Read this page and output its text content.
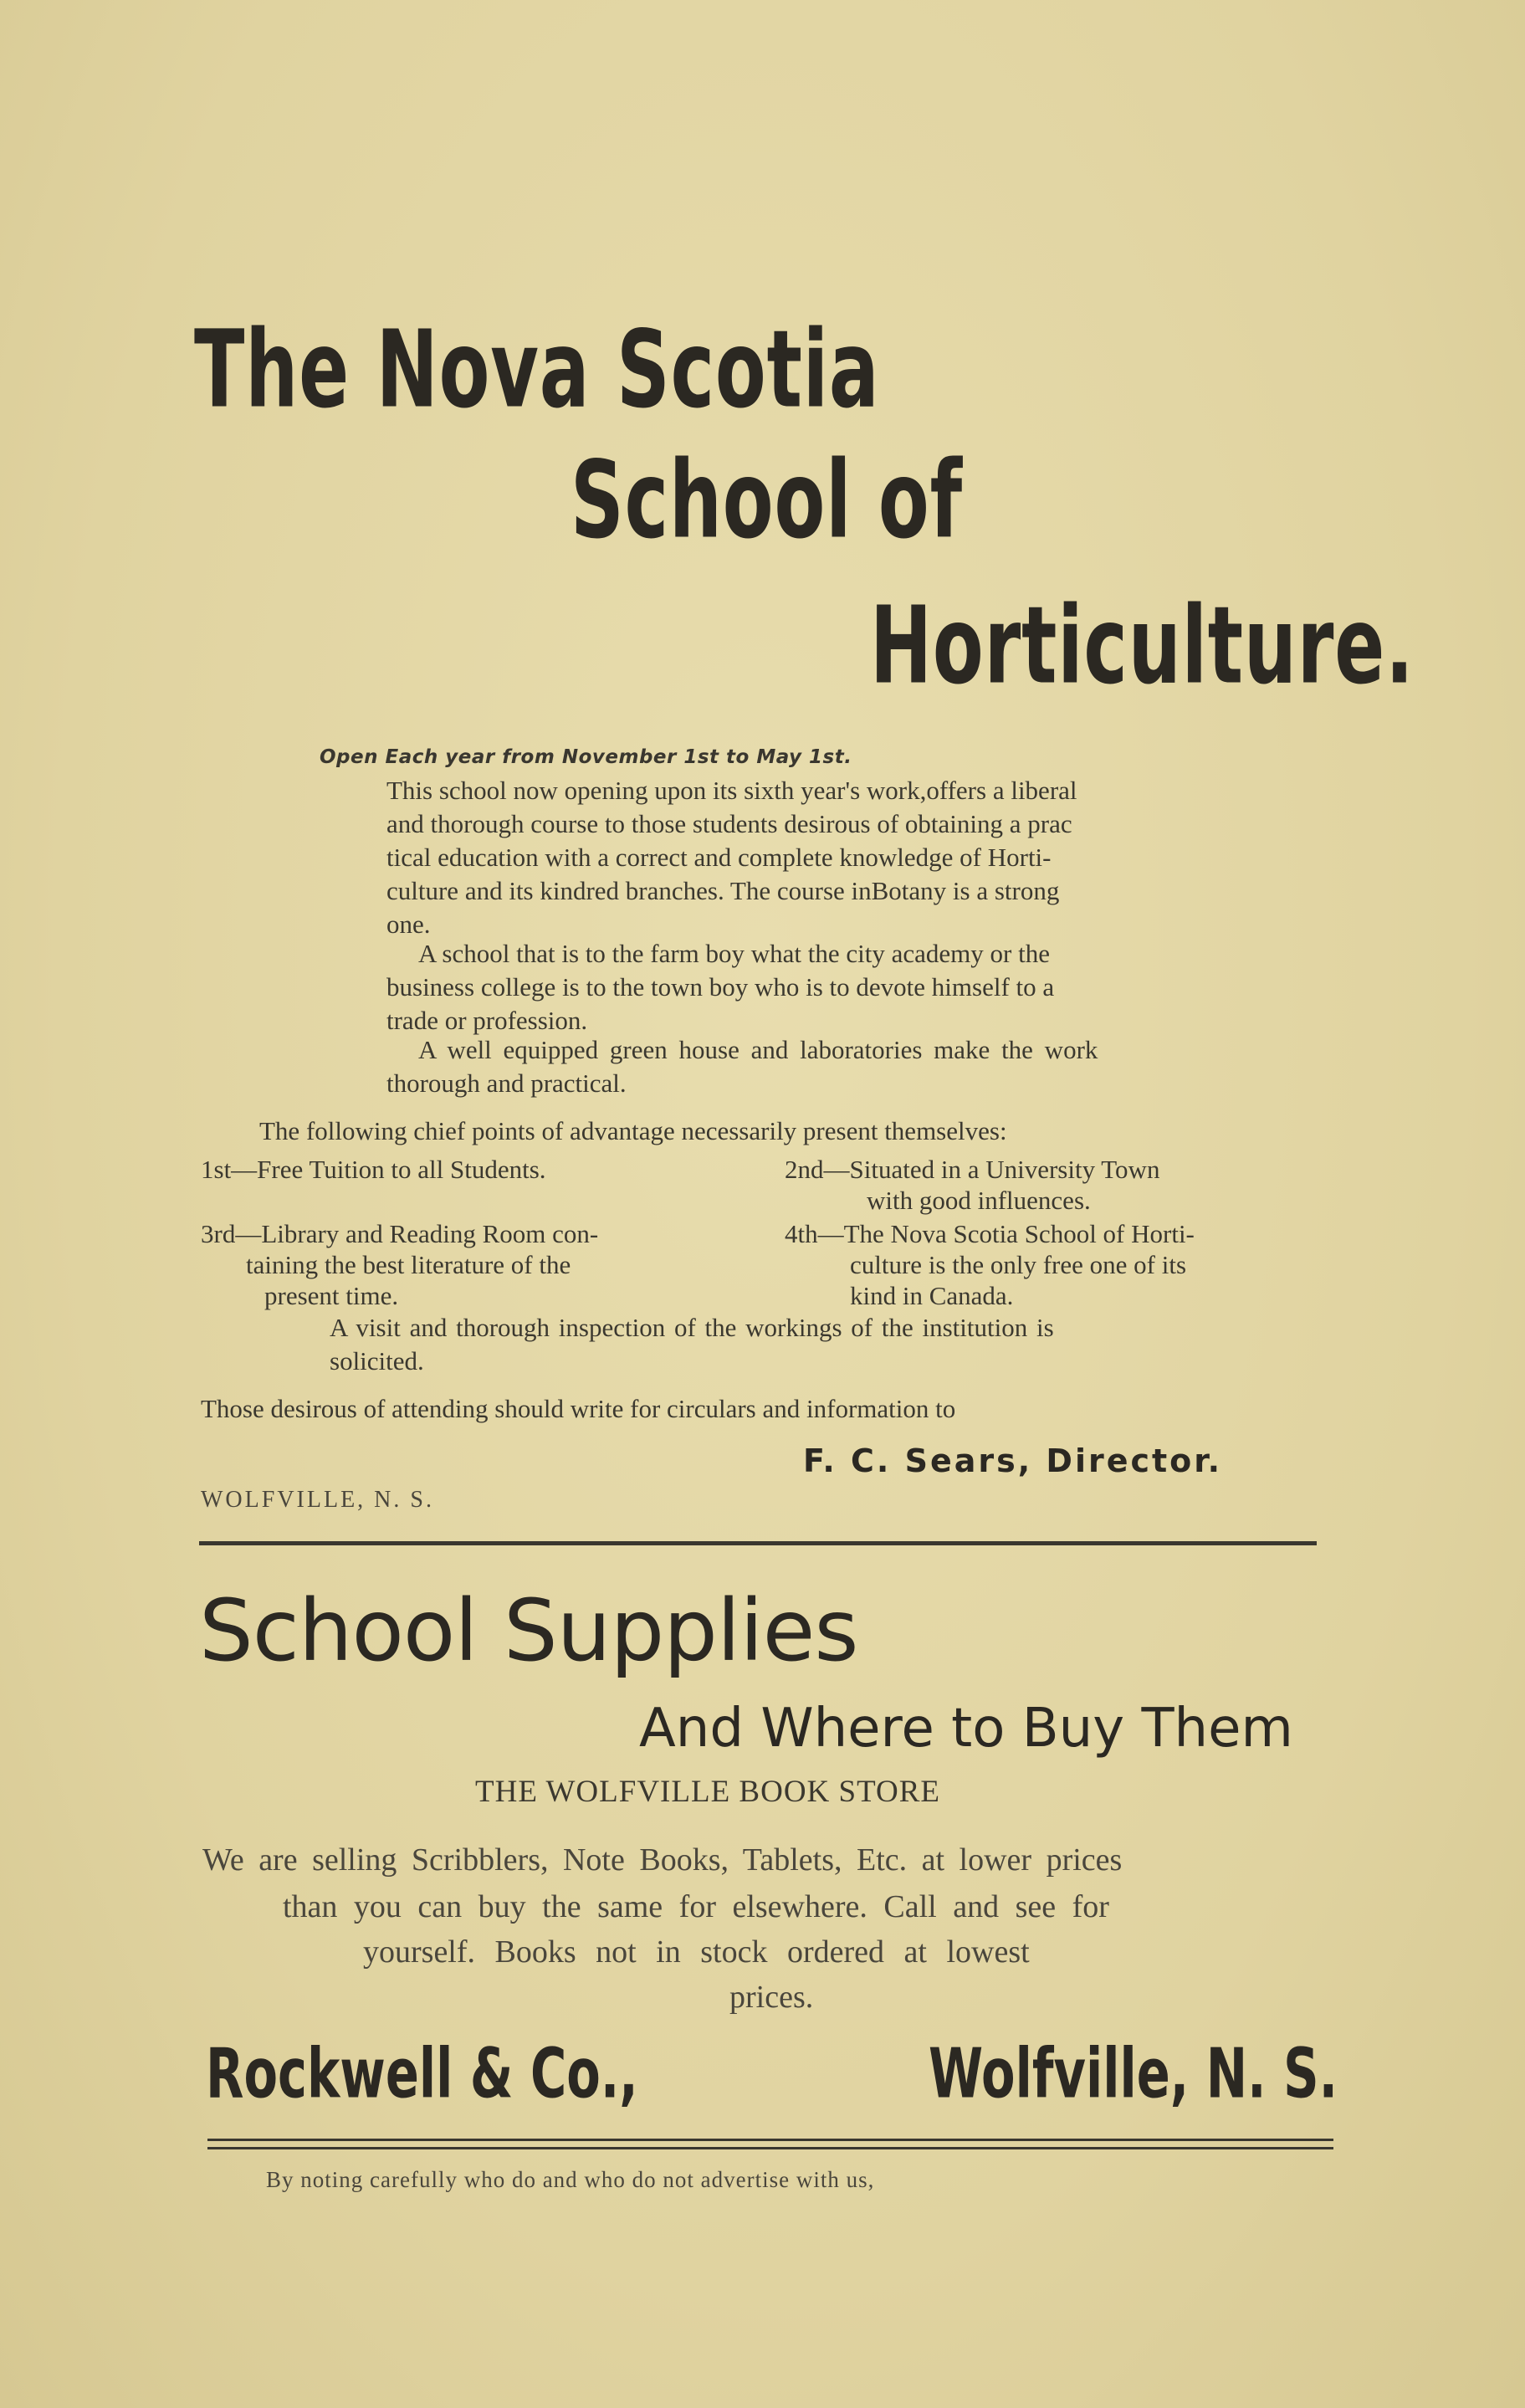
The Nova Scotia
School of
Horticulture.
Open Each year from November 1st to May 1st.
This school now opening upon its sixth year's work,offers a liberal
and thorough course to those students desirous of obtaining a prac
tical education with a correct and complete knowledge of Horti-
culture and its kindred branches. The course inBotany is a strong
one.
A school that is to the farm boy what the city academy or the
business college is to the town boy who is to devote himself to a
trade or profession.
A well equipped green house and laboratories make the work
thorough and practical.
The following chief points of advantage necessarily present themselves:
1st—Free Tuition to all Students.	2nd—Situated in a University Town
with good influences.
3rd—Library and Reading Room con-
taining the best literature of the
present time.
4th—The Nova Scotia School of Horti-
culture is the only free one of its
kind in Canada.
A visit and thorough inspection of the workings of the institution is
solicited.
Those desirous of attending should write for circulars and information to
F. C. Sears, Director.
WOLFVILLE, N. S.
School Supplies
And Where to Buy Them
THE WOLFVILLE BOOK STORE
We are selling Scribblers, Note Books, Tablets, Etc. at lower prices
than you can buy the same for elsewhere. Call and see for
yourself. Books not in stock ordered at lowest
prices.
Rockwell & Co.,	Wolfville, N. S.
By noting carefully who do and who do not advertise with us,
